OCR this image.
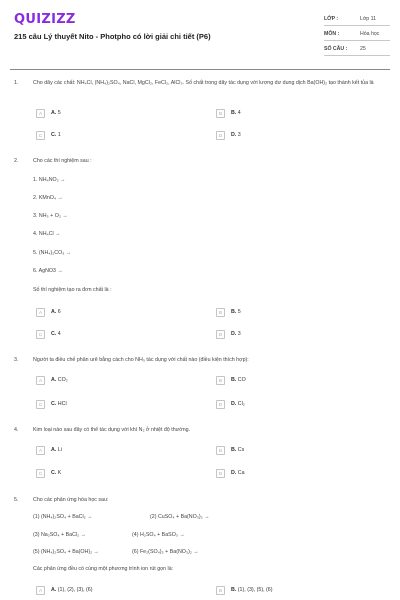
QUIZIZZ
215 câu Lý thuyết Nito - Photpho có lời giải chi tiết (P6)
LỚP :	Lớp 11
MÔN :	Hóa học
SỐ CÂU :	25
1.	Cho dãy các chất: NH₄Cl, (NH₄)₂SO₄, NaCl, MgCl₂, FeCl₂, AlCl₃. Số chất trong dãy tác dụng với lượng dư dung dịch Ba(OH)₂ tạo thành kết tủa là
A	A. 5	B	B. 4
C	C. 1	D	D. 3
2.	Cho các thí nghiệm sau :
1. NH₄NO₂ →
2. KMnO₄ →
3. NH₃ + O₂ →
4. NH₄Cl →
5. (NH₄)₂CO₃ →
6. AgNO3 →
Số thí nghiệm tạo ra đơn chất là :
A	A. 6	B	B. 5
C	C. 4	D	D. 3
3.	Người ta điều chế phân urê bằng cách cho NH₃ tác dụng với chất nào (điều kiện thích hợp):
A	A. CO₂	B	B. CO
C	C. HCl	D	D. Cl₂
4.	Kim loại nào sau đây có thể tác dụng với khí N₂ ở nhiệt độ thường.
A	A. Li	B	B. Cs
C	C. K	D	D. Ca
5.	Cho các phản ứng hóa học sau:
(1) (NH₄)₂SO₄ + BaCl₂ →	(2) CuSO₄ + Ba(NO₃)₂ →
(3) Na₂SO₄ + BaCl₂ →	(4) H₂SO₄ + BaSO₃ →
(5) (NH₄)₂SO₄ + Ba(OH)₂ →	(6) Fe₂(SO₄)₃ + Ba(NO₃)₂ →
Các phản ứng đều có cùng một phương trình ion rút gọn là:
A	A. (1), (2), (3), (6)	B	B. (1), (3), (5), (6)
